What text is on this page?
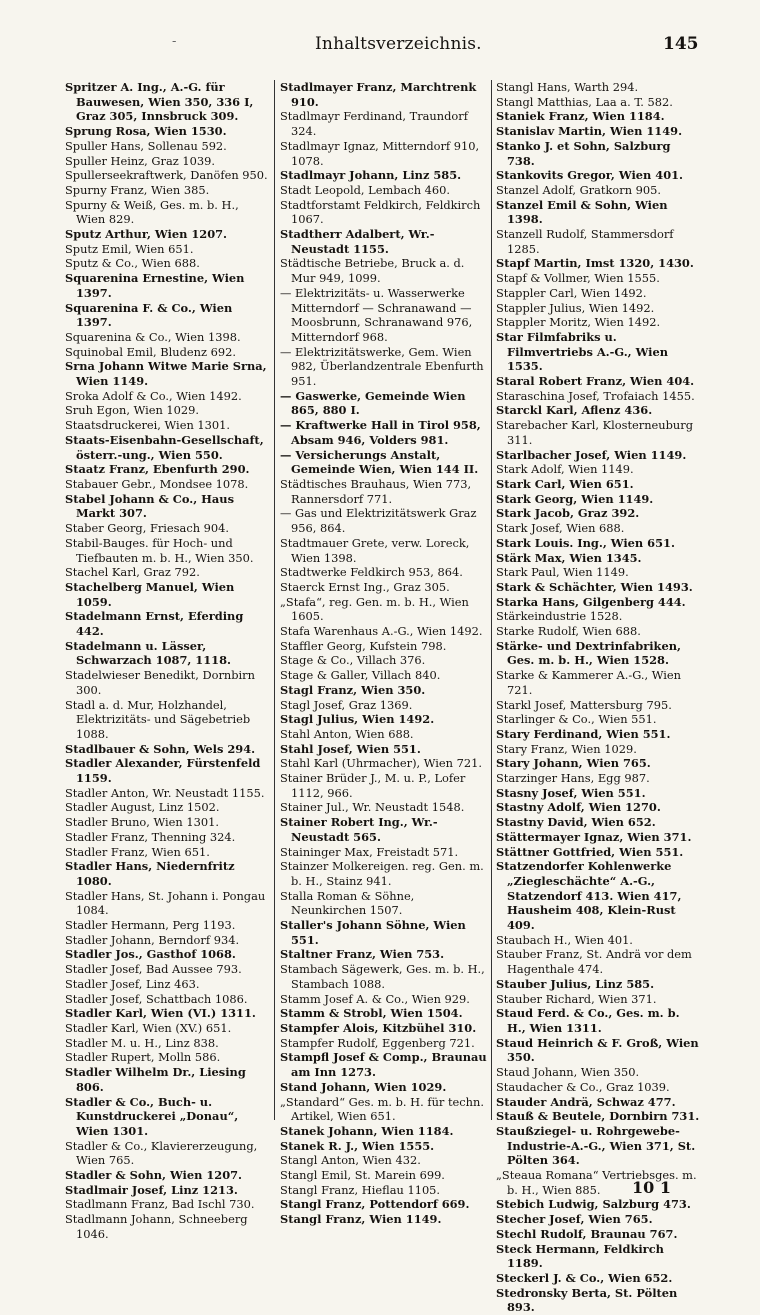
-	Inhaltsverzeichnis.	145

Spritzer A. Ing., A.-G. für Bauwesen, Wien 350, 336 I, Graz 305, Innsbruck 309.

Sprung Rosa, Wien 1530.

Spuller Hans, Sollenau 592.

Spuller Heinz, Graz 1039.

Spullerseekraftwerk, Danöfen 950.

Spurny Franz, Wien 385.

Spurny & Weiß, Ges. m. b. H., Wien 829.

Sputz Arthur, Wien 1207.

Sputz Emil, Wien 651.

Sputz & Co., Wien 688.

Squarenina Ernestine, Wien 1397.

Squarenina F. & Co., Wien 1397.

Squarenina & Co., Wien 1398.

Squinobal Emil, Bludenz 692.

Srna Johann Witwe Marie Srna, Wien 1149.

Sroka Adolf & Co., Wien 1492.

Sruh Egon, Wien 1029.

Staatsdruckerei, Wien 1301.

Staats-Eisenbahn-Gesellschaft, österr.-ung., Wien 550.

Staatz Franz, Ebenfurth 290.

Stabauer Gebr., Mondsee 1078.

Stabel Johann & Co., Haus Markt 307.

Staber Georg, Friesach 904.

Stabil-Bauges. für Hoch- und Tiefbauten m. b. H., Wien 350.

Stachel Karl, Graz 792.

Stachelberg Manuel, Wien 1059.

Stadelmann Ernst, Eferding 442.

Stadelmann u. Lässer, Schwarzach 1087, 1118.

Stadelwieser Benedikt, Dornbirn 300.

Stadl a. d. Mur, Holzhandel, Elektrizitäts- und Sägebetrieb 1088.

Stadlbauer & Sohn, Wels 294.

Stadler Alexander, Fürstenfeld 1159.

Stadler Anton, Wr. Neustadt 1155.

Stadler August, Linz 1502.

Stadler Bruno, Wien 1301.

Stadler Franz, Thenning 324.

Stadler Franz, Wien 651.

Stadler Hans, Niedernfritz 1080.

Stadler Hans, St. Johann i. Pongau 1084.

Stadler Hermann, Perg 1193.

Stadler Johann, Berndorf 934.

Stadler Jos., Gasthof 1068.

Stadler Josef, Bad Aussee 793.

Stadler Josef, Linz 463.

Stadler Josef, Schattbach 1086.

Stadler Karl, Wien (VI.) 1311.

Stadler Karl, Wien (XV.) 651.

Stadler M. u. H., Linz 838.

Stadler Rupert, Molln 586.

Stadler Wilhelm Dr., Liesing 806.

Stadler & Co., Buch- u. Kunstdruckerei „Donau“, Wien 1301.

Stadler & Co., Klaviererzeugung, Wien 765.

Stadler & Sohn, Wien 1207.

Stadlmair Josef, Linz 1213.

Stadlmann Franz, Bad Ischl 730.

Stadlmann Johann, Schneeberg 1046.

Stadlmayer Franz, Marchtrenk 910.

Stadlmayr Ferdinand, Traundorf 324.

Stadlmayr Ignaz, Mitterndorf 910, 1078.

Stadlmayr Johann, Linz 585.

Stadt Leopold, Lembach 460.

Stadtforstamt Feldkirch, Feldkirch 1067.

Stadtherr Adalbert, Wr.-Neustadt 1155.

Städtische Betriebe, Bruck a. d. Mur 949, 1099.

— Elektrizitäts- u. Wasserwerke Mitterndorf — Schranawand — Moosbrunn, Schranawand 976, Mitterndorf 968.

— Elektrizitätswerke, Gem. Wien 982, Überlandzentrale Ebenfurth 951.

— Gaswerke, Gemeinde Wien 865, 880 I.

— Kraftwerke Hall in Tirol 958, Absam 946, Volders 981.

— Versicherungs Anstalt, Gemeinde Wien, Wien 144 II.

Städtisches Brauhaus, Wien 773, Rannersdorf 771.

— Gas und Elektrizitätswerk Graz 956, 864.

Stadtmauer Grete, verw. Loreck, Wien 1398.

Stadtwerke Feldkirch 953, 864.

Staerck Ernst Ing., Graz 305.

„Stafa“, reg. Gen. m. b. H., Wien 1605.

Stafa Warenhaus A.-G., Wien 1492.

Staffler Georg, Kufstein 798.

Stage & Co., Villach 376.

Stage & Galler, Villach 840.

Stagl Franz, Wien 350.

Stagl Josef, Graz 1369.

Stagl Julius, Wien 1492.

Stahl Anton, Wien 688.

Stahl Josef, Wien 551.

Stahl Karl (Uhrmacher), Wien 721.

Stainer Brüder J., M. u. P., Lofer 1112, 966.

Stainer Jul., Wr. Neustadt 1548.

Stainer Robert Ing., Wr.-Neustadt 565.

Staininger Max, Freistadt 571.

Stainzer Molkereigen. reg. Gen. m. b. H., Stainz 941.

Stalla Roman & Söhne, Neunkirchen 1507.

Staller's Johann Söhne, Wien 551.

Staltner Franz, Wien 753.

Stambach Sägewerk, Ges. m. b. H., Stambach 1088.

Stamm Josef A. & Co., Wien 929.

Stamm & Strobl, Wien 1504.

Stampfer Alois, Kitzbühel 310.

Stampfer Rudolf, Eggenberg 721.

Stampfl Josef & Comp., Braunau am Inn 1273.

Stand Johann, Wien 1029.

„Standard“ Ges. m. b. H. für techn. Artikel, Wien 651.

Stanek Johann, Wien 1184.

Stanek R. J., Wien 1555.

Stangl Anton, Wien 432.

Stangl Emil, St. Marein 699.

Stangl Franz, Hieflau 1105.

Stangl Franz, Pottendorf 669.

Stangl Franz, Wien 1149.

Stangl Hans, Warth 294.

Stangl Matthias, Laa a. T. 582.

Staniek Franz, Wien 1184.

Stanislav Martin, Wien 1149.

Stanko J. et Sohn, Salzburg 738.

Stankovits Gregor, Wien 401.

Stanzel Adolf, Gratkorn 905.

Stanzel Emil & Sohn, Wien 1398.

Stanzell Rudolf, Stammersdorf 1285.

Stapf Martin, Imst 1320, 1430.

Stapf & Vollmer, Wien 1555.

Stappler Carl, Wien 1492.

Stappler Julius, Wien 1492.

Stappler Moritz, Wien 1492.

Star Filmfabriks u. Filmvertriebs A.-G., Wien 1535.

Staral Robert Franz, Wien 404.

Staraschina Josef, Trofaiach 1455.

Starckl Karl, Aflenz 436.

Starebacher Karl, Klosterneuburg 311.

Starlbacher Josef, Wien 1149.

Stark Adolf, Wien 1149.

Stark Carl, Wien 651.

Stark Georg, Wien 1149.

Stark Jacob, Graz 392.

Stark Josef, Wien 688.

Stark Louis. Ing., Wien 651.

Stärk Max, Wien 1345.

Stark Paul, Wien 1149.

Stark & Schächter, Wien 1493.

Starka Hans, Gilgenberg 444.

Stärkeindustrie 1528.

Starke Rudolf, Wien 688.

Stärke- und Dextrinfabriken, Ges. m. b. H., Wien 1528.

Starke & Kammerer A.-G., Wien 721.

Starkl Josef, Mattersburg 795.

Starlinger & Co., Wien 551.

Stary Ferdinand, Wien 551.

Stary Franz, Wien 1029.

Stary Johann, Wien 765.

Starzinger Hans, Egg 987.

Stasny Josef, Wien 551.

Stastny Adolf, Wien 1270.

Stastny David, Wien 652.

Stättermayer Ignaz, Wien 371.

Stättner Gottfried, Wien 551.

Statzendorfer Kohlenwerke „Ziegleschächte“ A.-G., Statzendorf 413. Wien 417, Hausheim 408, Klein-Rust 409.

Staubach H., Wien 401.

Stauber Franz, St. Andrä vor dem Hagenthale 474.

Stauber Julius, Linz 585.

Stauber Richard, Wien 371.

Staud Ferd. & Co., Ges. m. b. H., Wien 1311.

Staud Heinrich & F. Groß, Wien 350.

Staud Johann, Wien 350.

Staudacher & Co., Graz 1039.

Stauder Andrä, Schwaz 477.

Stauß & Beutele, Dornbirn 731.

Staußziegel- u. Rohrgewebe-Industrie-A.-G., Wien 371, St. Pölten 364.

„Steaua Romana“ Vertriebsges. m. b. H., Wien 885.

Stebich Ludwig, Salzburg 473.

Stecher Josef, Wien 765.

Stechl Rudolf, Braunau 767.

Steck Hermann, Feldkirch 1189.

Steckerl J. & Co., Wien 652.

Stedronsky Berta, St. Pölten 893.

10 1
